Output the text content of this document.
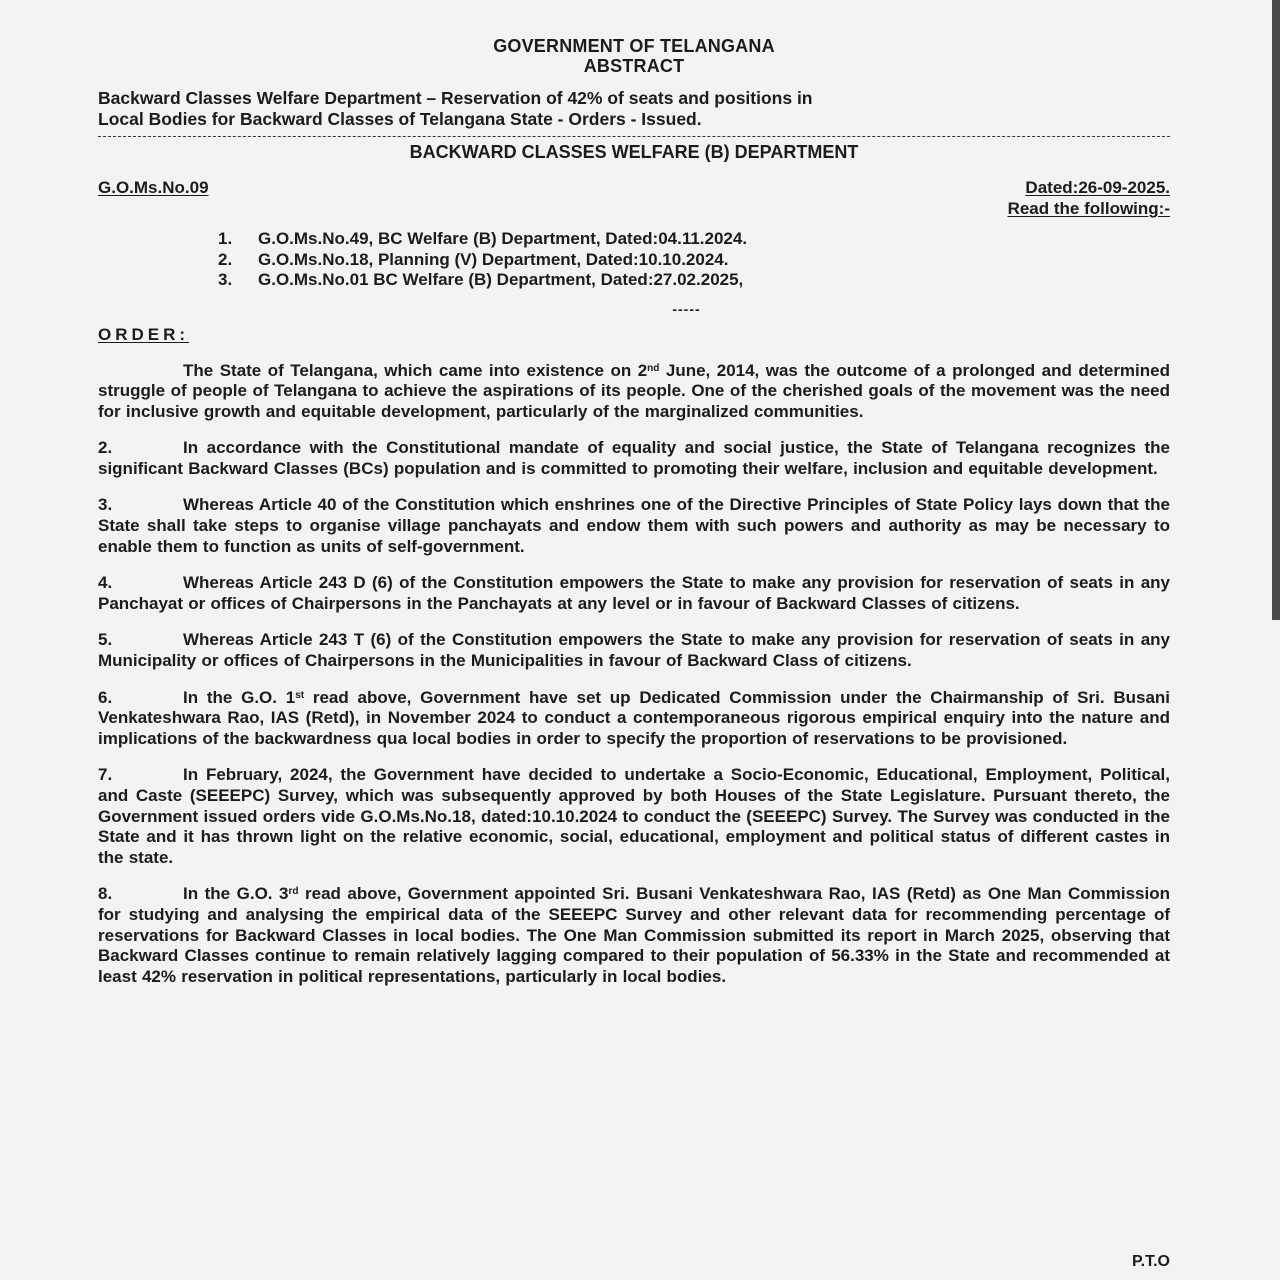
GOVERNMENT OF TELANGANA
ABSTRACT
Backward Classes Welfare Department – Reservation of 42% of seats and positions in
Local Bodies for Backward Classes of Telangana State - Orders - Issued.
BACKWARD CLASSES WELFARE (B) DEPARTMENT
G.O.Ms.No.09	Dated:26-09-2025.
Read the following:-
1. G.O.Ms.No.49, BC Welfare (B) Department, Dated:04.11.2024.
2. G.O.Ms.No.18, Planning (V) Department, Dated:10.10.2024.
3. G.O.Ms.No.01 BC Welfare (B) Department, Dated:27.02.2025,
-----
ORDER:

The State of Telangana, which came into existence on 2nd June, 2014, was the outcome of a prolonged and determined struggle of people of Telangana to achieve the aspirations of its people. One of the cherished goals of the movement was the need for inclusive growth and equitable development, particularly of the marginalized communities.

2.	In accordance with the Constitutional mandate of equality and social justice, the State of Telangana recognizes the significant Backward Classes (BCs) population and is committed to promoting their welfare, inclusion and equitable development.

3.	Whereas Article 40 of the Constitution which enshrines one of the Directive Principles of State Policy lays down that the State shall take steps to organise village panchayats and endow them with such powers and authority as may be necessary to enable them to function as units of self-government.

4.	Whereas Article 243 D (6) of the Constitution empowers the State to make any provision for reservation of seats in any Panchayat or offices of Chairpersons in the Panchayats at any level or in favour of Backward Classes of citizens.

5.	Whereas Article 243 T (6) of the Constitution empowers the State to make any provision for reservation of seats in any Municipality or offices of Chairpersons in the Municipalities in favour of Backward Class of citizens.

6.	In the G.O. 1st read above, Government have set up Dedicated Commission under the Chairmanship of Sri. Busani Venkateshwara Rao, IAS (Retd), in November 2024 to conduct a contemporaneous rigorous empirical enquiry into the nature and implications of the backwardness qua local bodies in order to specify the proportion of reservations to be provisioned.

7.	In February, 2024, the Government have decided to undertake a Socio-Economic, Educational, Employment, Political, and Caste (SEEEPC) Survey, which was subsequently approved by both Houses of the State Legislature. Pursuant thereto, the Government issued orders vide G.O.Ms.No.18, dated:10.10.2024 to conduct the (SEEEPC) Survey. The Survey was conducted in the State and it has thrown light on the relative economic, social, educational, employment and political status of different castes in the state.

8.	In the G.O. 3rd read above, Government appointed Sri. Busani Venkateshwara Rao, IAS (Retd) as One Man Commission for studying and analysing the empirical data of the SEEEPC Survey and other relevant data for recommending percentage of reservations for Backward Classes in local bodies. The One Man Commission submitted its report in March 2025, observing that Backward Classes continue to remain relatively lagging compared to their population of 56.33% in the State and recommended at least 42% reservation in political representations, particularly in local bodies.

P.T.O
